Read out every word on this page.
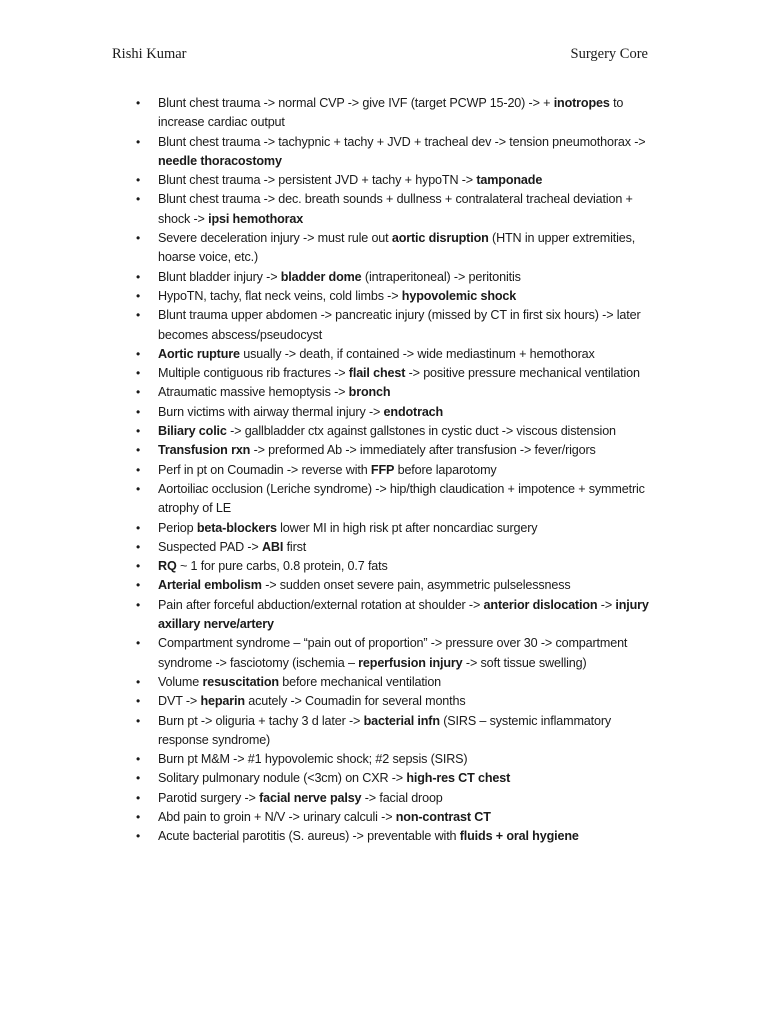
Rishi Kumar	Surgery Core
• Blunt chest trauma -> normal CVP -> give IVF (target PCWP 15-20) -> + inotropes to increase cardiac output
• Blunt chest trauma -> tachypnic + tachy + JVD + tracheal dev -> tension pneumothorax -> needle thoracostomy
• Blunt chest trauma -> persistent JVD + tachy + hypoTN -> tamponade
• Blunt chest trauma -> dec. breath sounds + dullness + contralateral tracheal deviation + shock -> ipsi hemothorax
• Severe deceleration injury -> must rule out aortic disruption (HTN in upper extremities, hoarse voice, etc.)
• Blunt bladder injury -> bladder dome (intraperitoneal) -> peritonitis
• HypoTN, tachy, flat neck veins, cold limbs -> hypovolemic shock
• Blunt trauma upper abdomen -> pancreatic injury (missed by CT in first six hours) -> later becomes abscess/pseudocyst
• Aortic rupture usually -> death, if contained -> wide mediastinum + hemothorax
• Multiple contiguous rib fractures -> flail chest -> positive pressure mechanical ventilation
• Atraumatic massive hemoptysis -> bronch
• Burn victims with airway thermal injury -> endotrach
• Biliary colic -> gallbladder ctx against gallstones in cystic duct -> viscous distension
• Transfusion rxn -> preformed Ab -> immediately after transfusion -> fever/rigors
• Perf in pt on Coumadin -> reverse with FFP before laparotomy
• Aortoiliac occlusion (Leriche syndrome) -> hip/thigh claudication + impotence + symmetric atrophy of LE
• Periop beta-blockers lower MI in high risk pt after noncardiac surgery
• Suspected PAD -> ABI first
• RQ ~ 1 for pure carbs, 0.8 protein, 0.7 fats
• Arterial embolism -> sudden onset severe pain, asymmetric pulselessness
• Pain after forceful abduction/external rotation at shoulder -> anterior dislocation -> injury axillary nerve/artery
• Compartment syndrome – “pain out of proportion” -> pressure over 30 -> compartment syndrome -> fasciotomy (ischemia – reperfusion injury -> soft tissue swelling)
• Volume resuscitation before mechanical ventilation
• DVT -> heparin acutely -> Coumadin for several months
• Burn pt -> oliguria + tachy 3 d later -> bacterial infn (SIRS – systemic inflammatory response syndrome)
• Burn pt M&M -> #1 hypovolemic shock; #2 sepsis (SIRS)
• Solitary pulmonary nodule (<3cm) on CXR -> high-res CT chest
• Parotid surgery -> facial nerve palsy -> facial droop
• Abd pain to groin + N/V -> urinary calculi -> non-contrast CT
• Acute bacterial parotitis (S. aureus) -> preventable with fluids + oral hygiene
